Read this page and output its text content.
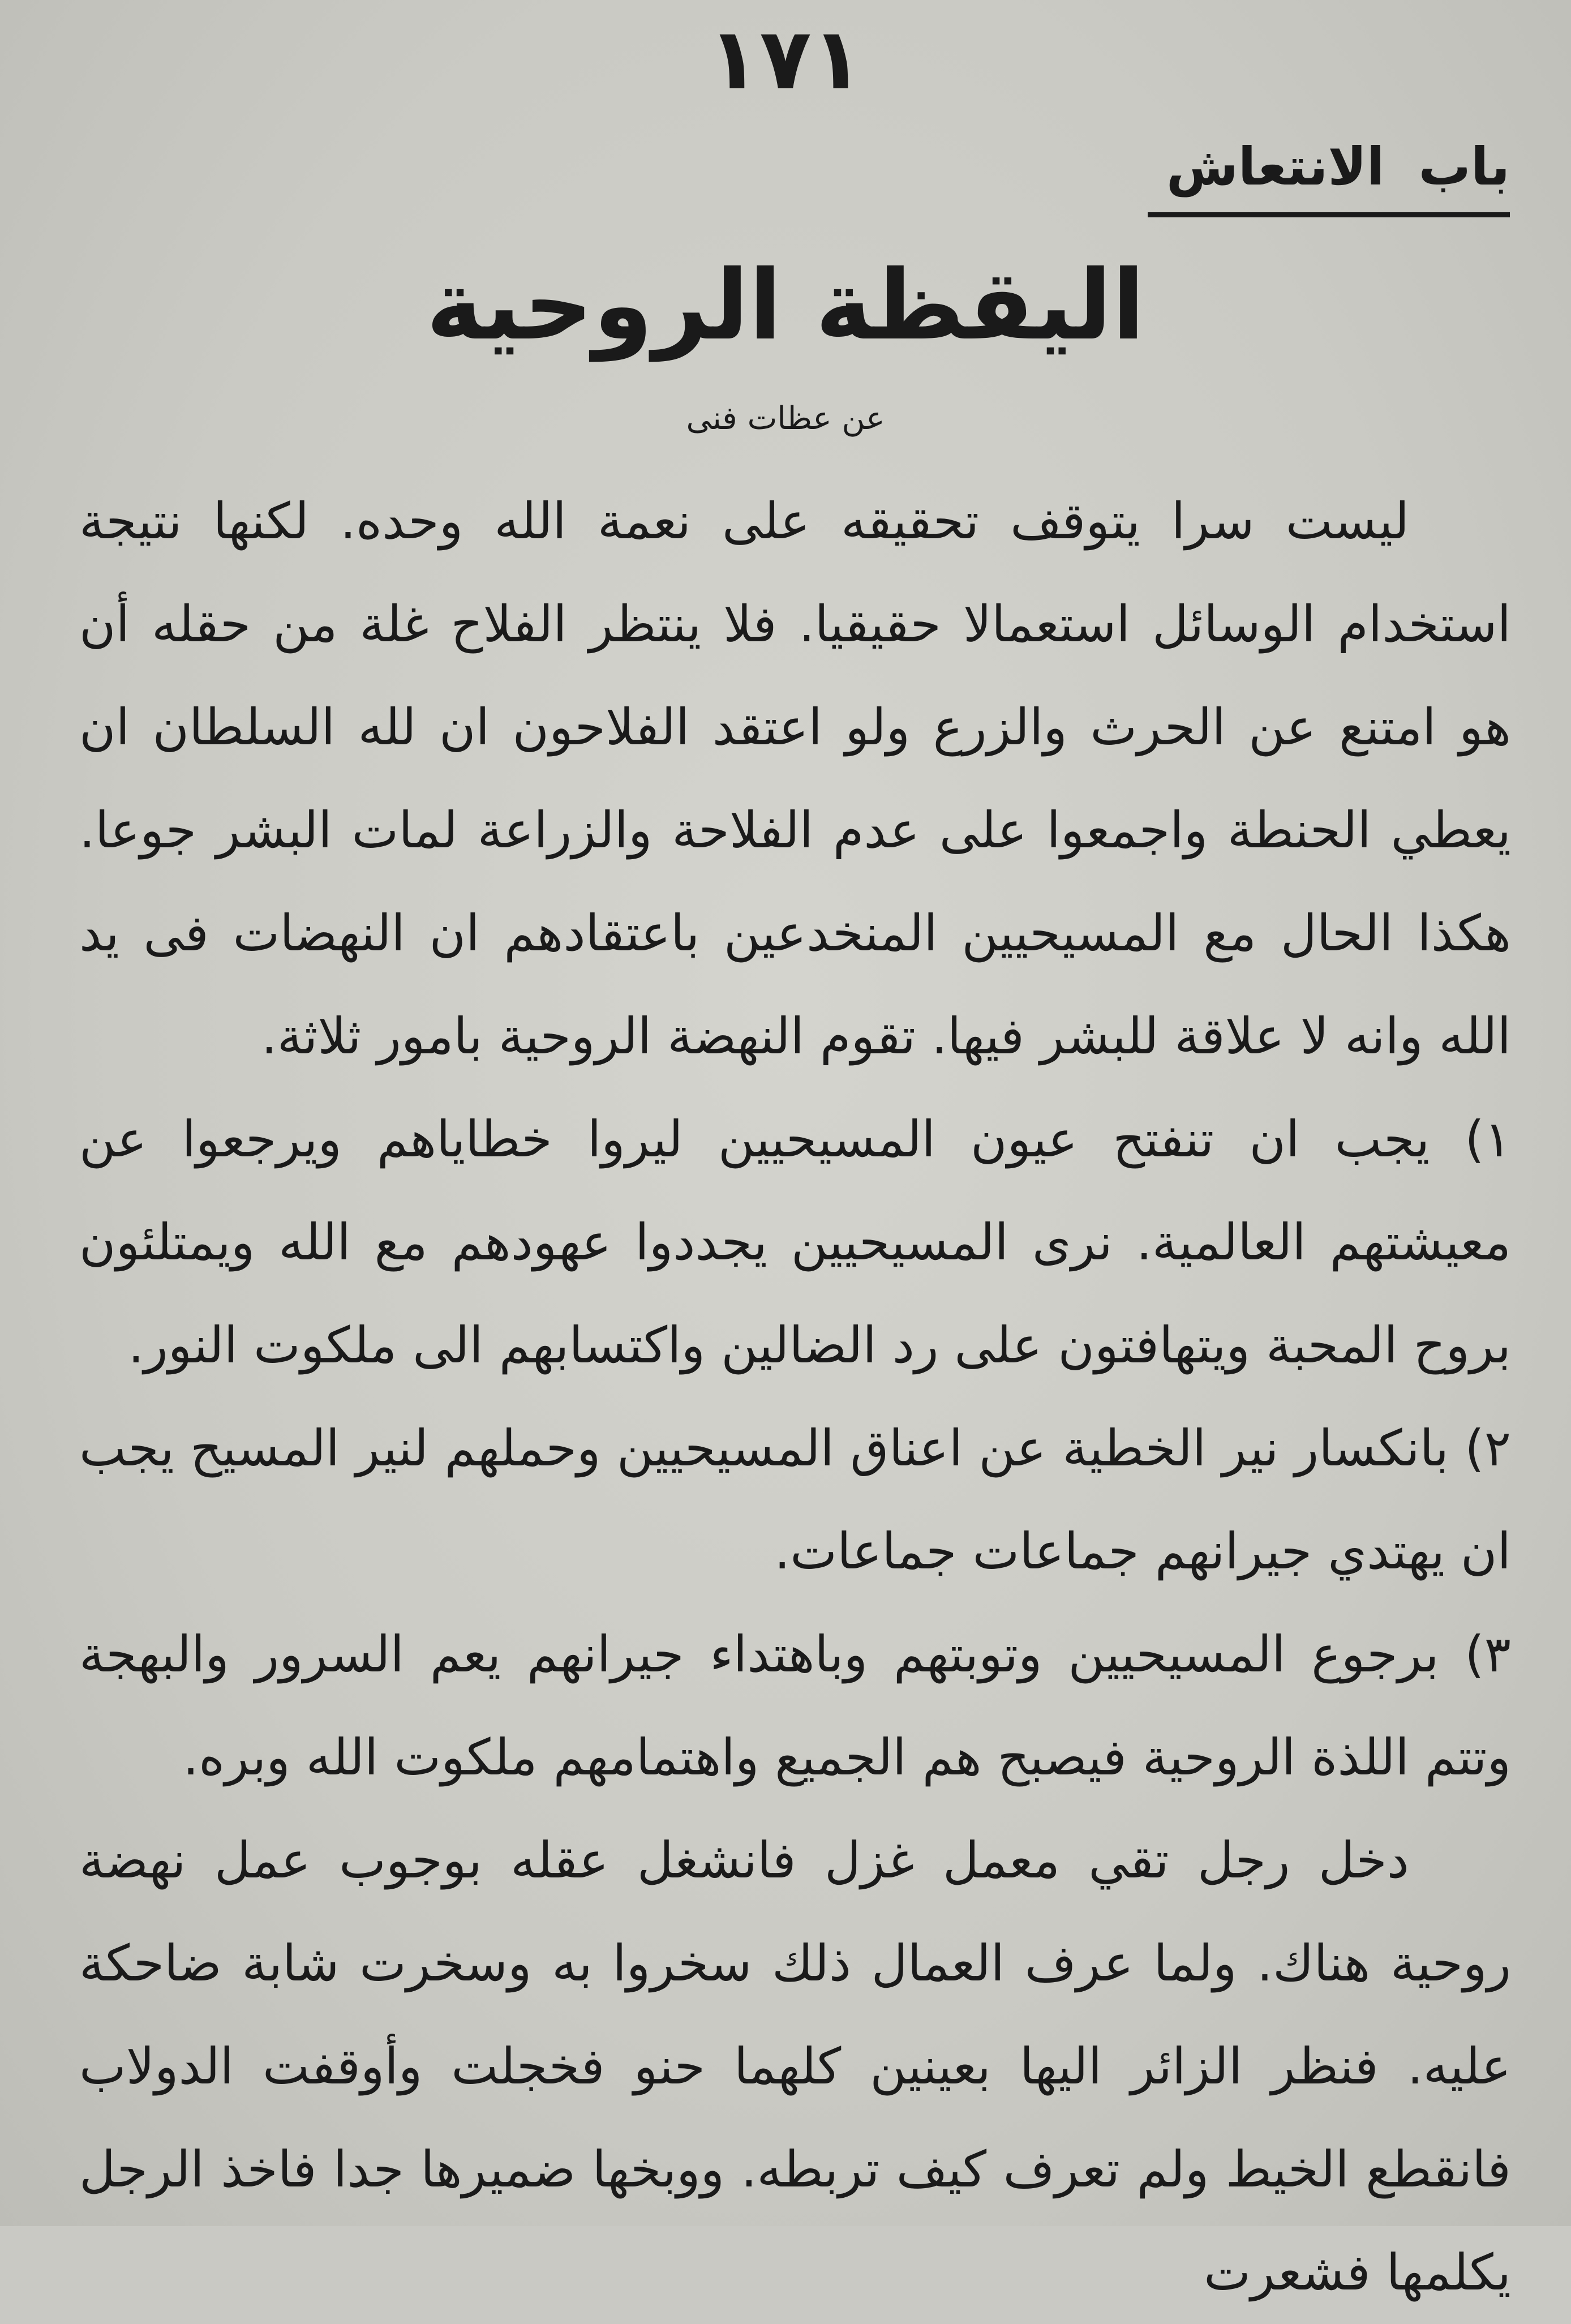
١٧١
باب الانتعاش
اليقظة الروحية
عن عظات فنى

ليست سرا يتوقف تحقيقه على نعمة الله وحده. لكنها نتيجة استخدام الوسائل استعمالا حقيقيا. فلا ينتظر الفلاح غلة من حقله أن هو امتنع عن الحرث والزرع ولو اعتقد الفلاحون ان لله السلطان ان يعطي الحنطة واجمعوا على عدم الفلاحة والزراعة لمات البشر جوعا. هكذا الحال مع المسيحيين المنخدعين باعتقادهم ان النهضات فى يد الله وانه لا علاقة للبشر فيها. تقوم النهضة الروحية بامور ثلاثة.

١) يجب ان تنفتح عيون المسيحيين ليروا خطاياهم ويرجعوا عن معيشتهم العالمية. نرى المسيحيين يجددوا عهودهم مع الله ويمتلئون بروح المحبة ويتهافتون على رد الضالين واكتسابهم الى ملكوت النور.

٢) بانكسار نير الخطية عن اعناق المسيحيين وحملهم لنير المسيح يجب ان يهتدي جيرانهم جماعات جماعات.

٣) برجوع المسيحيين وتوبتهم وباهتداء جيرانهم يعم السرور والبهجة وتتم اللذة الروحية فيصبح هم الجميع واهتمامهم ملكوت الله وبره.

دخل رجل تقي معمل غزل فانشغل عقله بوجوب عمل نهضة روحية هناك. ولما عرف العمال ذلك سخروا به وسخرت شابة ضاحكة عليه. فنظر الزائر اليها بعينين كلهما حنو فخجلت وأوقفت الدولاب فانقطع الخيط ولم تعرف كيف تربطه. ووبخها ضميرها جدا فاخذ الرجل يكلمها فشعرت
